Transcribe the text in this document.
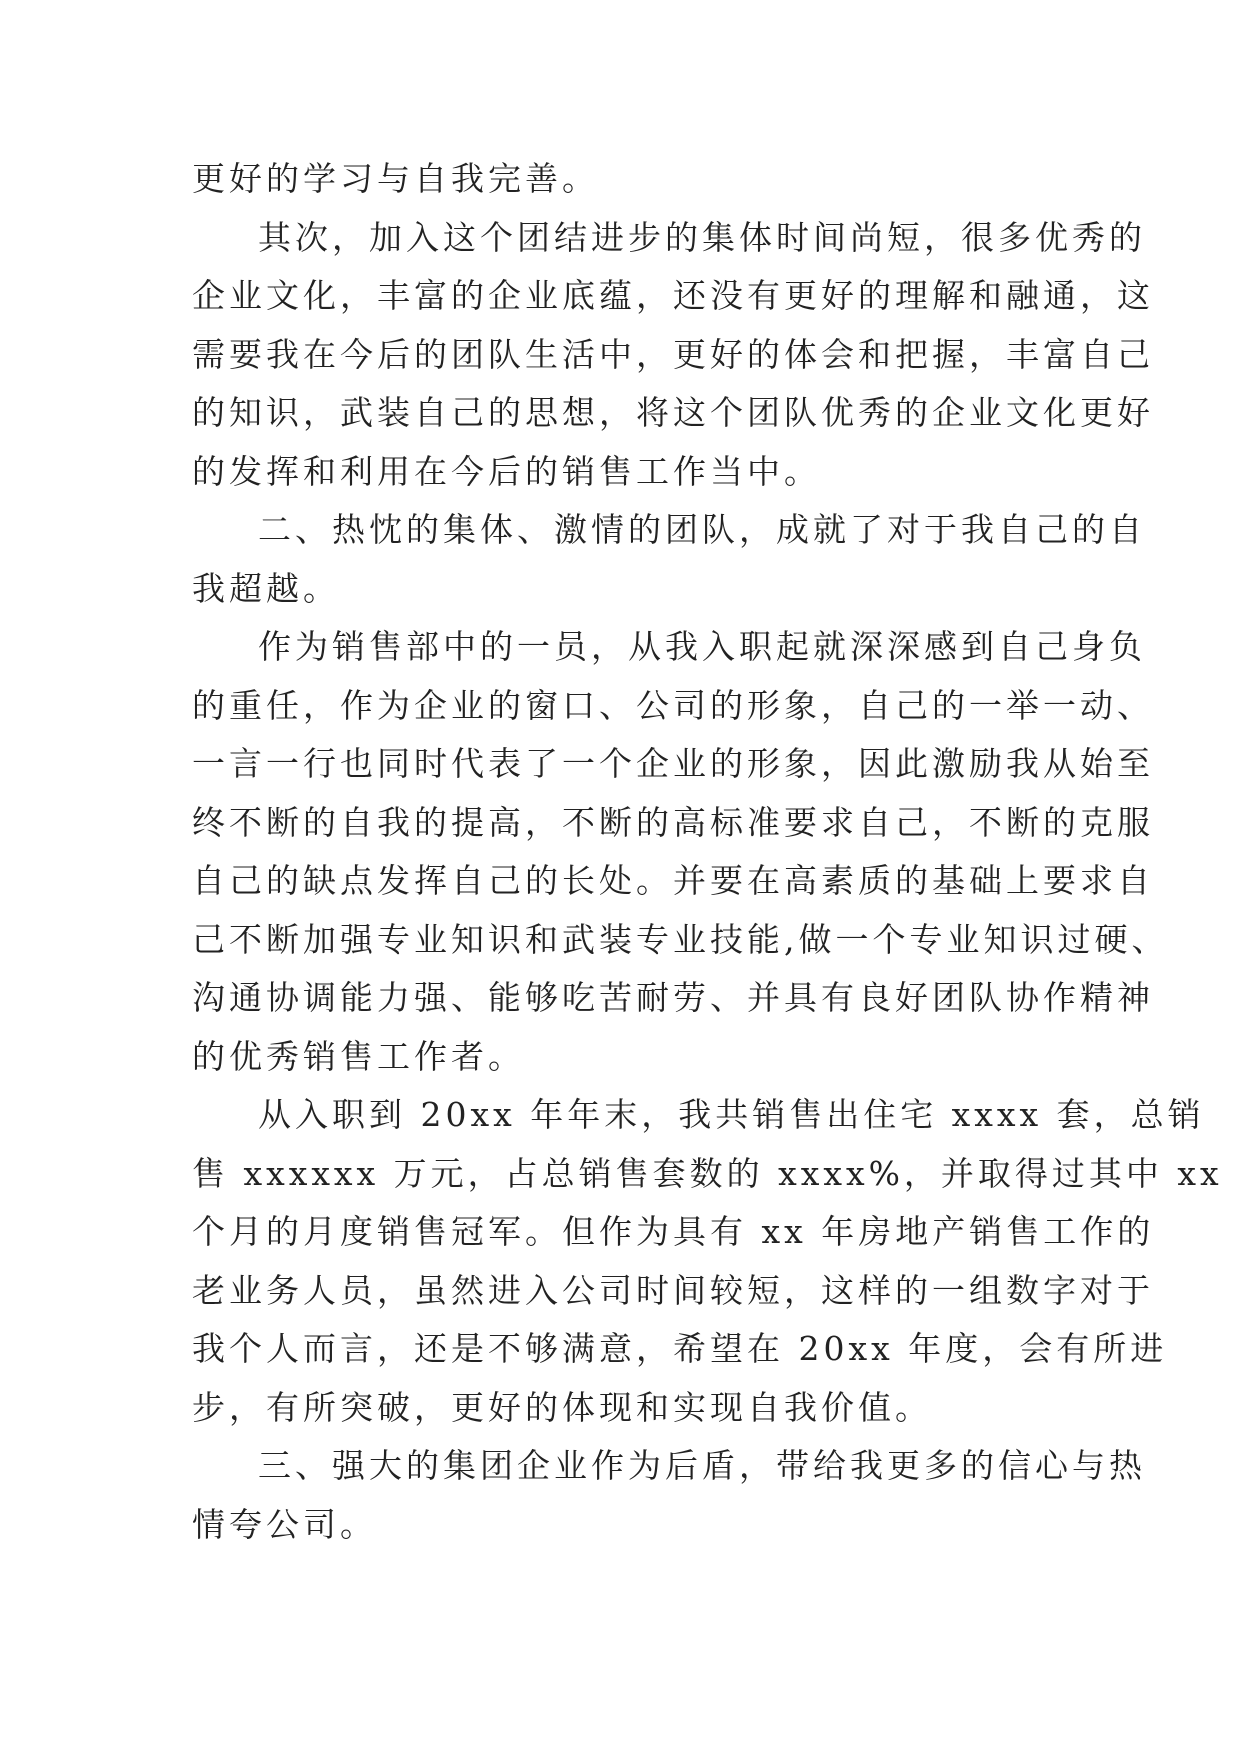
更好的学习与自我完善。
其次，加入这个团结进步的集体时间尚短，很多优秀的
企业文化，丰富的企业底蕴，还没有更好的理解和融通，这
需要我在今后的团队生活中，更好的体会和把握，丰富自己
的知识，武装自己的思想，将这个团队优秀的企业文化更好
的发挥和利用在今后的销售工作当中。
二、热忱的集体、激情的团队，成就了对于我自己的自
我超越。
作为销售部中的一员，从我入职起就深深感到自己身负
的重任，作为企业的窗口、公司的形象，自己的一举一动、
一言一行也同时代表了一个企业的形象，因此激励我从始至
终不断的自我的提高，不断的高标准要求自己，不断的克服
自己的缺点发挥自己的长处。并要在高素质的基础上要求自
己不断加强专业知识和武装专业技能,做一个专业知识过硬、
沟通协调能力强、能够吃苦耐劳、并具有良好团队协作精神
的优秀销售工作者。
从入职到 20xx 年年末，我共销售出住宅 xxxx 套，总销
售 xxxxxx 万元，占总销售套数的 xxxx%，并取得过其中 xx
个月的月度销售冠军。但作为具有 xx 年房地产销售工作的
老业务人员，虽然进入公司时间较短，这样的一组数字对于
我个人而言，还是不够满意，希望在 20xx 年度，会有所进
步，有所突破，更好的体现和实现自我价值。
三、强大的集团企业作为后盾，带给我更多的信心与热
情夸公司。
